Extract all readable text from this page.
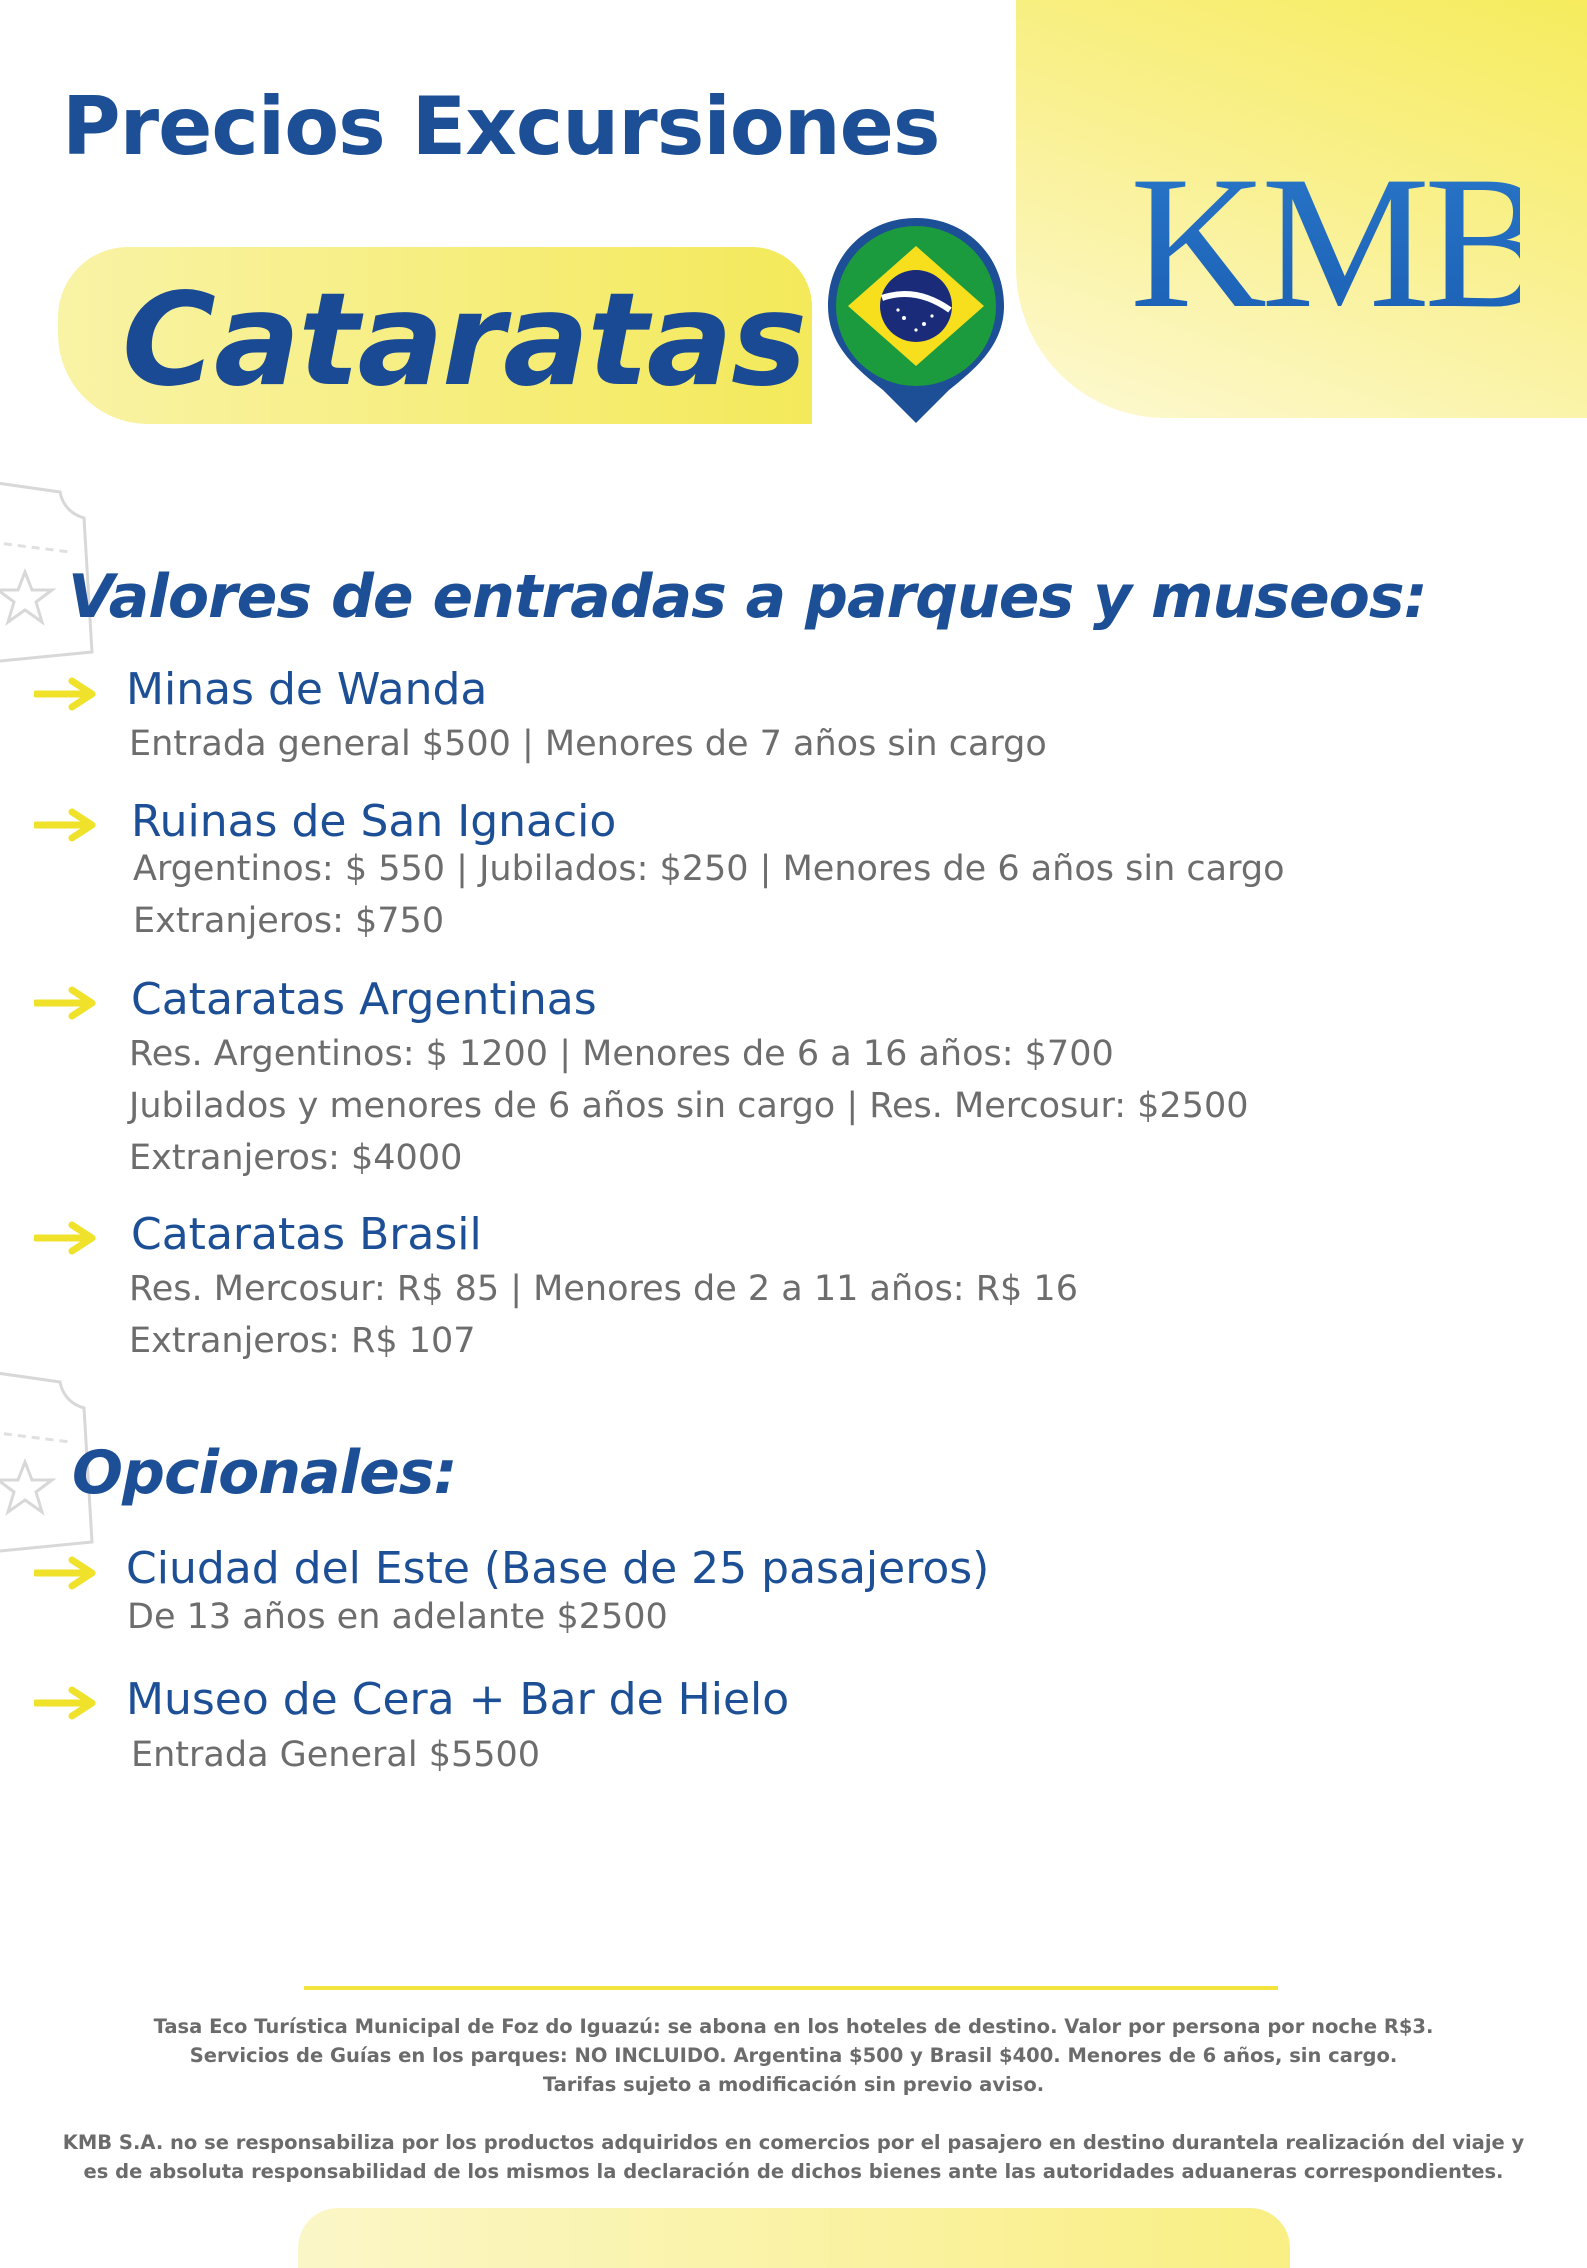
Precios Excursiones
Cataratas KMB
Valores de entradas a parques y museos:

Minas de Wanda

Entrada general $500 | Menores de 7 años sin cargo

Ruinas de San Ignacio

Argentinos: $ 550 | Jubilados: $250 | Menores de 6 años sin cargo

Extranjeros: $750

Cataratas Argentinas

Res. Argentinos: $ 1200 | Menores de 6 a 16 años: $700

Jubilados y menores de 6 años sin cargo | Res. Mercosur: $2500

Extranjeros: $4000

Cataratas Brasil

Res. Mercosur: R$ 85 | Menores de 2 a 11 años: R$ 16

Extranjeros: R$ 107

Opcionales:

Ciudad del Este (Base de 25 pasajeros)

De 13 años en adelante $2500

Museo de Cera + Bar de Hielo

Entrada General $5500

Tasa Eco Turística Municipal de Foz do Iguazú: se abona en los hoteles de destino. Valor por persona por noche R$3.

Servicios de Guías en los parques: NO INCLUIDO. Argentina $500 y Brasil $400. Menores de 6 años, sin cargo.

Tarifas sujeto a modificación sin previo aviso.

KMB S.A. no se responsabiliza por los productos adquiridos en comercios por el pasajero en destino durantela realización del viaje y

es de absoluta responsabilidad de los mismos la declaración de dichos bienes ante las autoridades aduaneras correspondientes.
